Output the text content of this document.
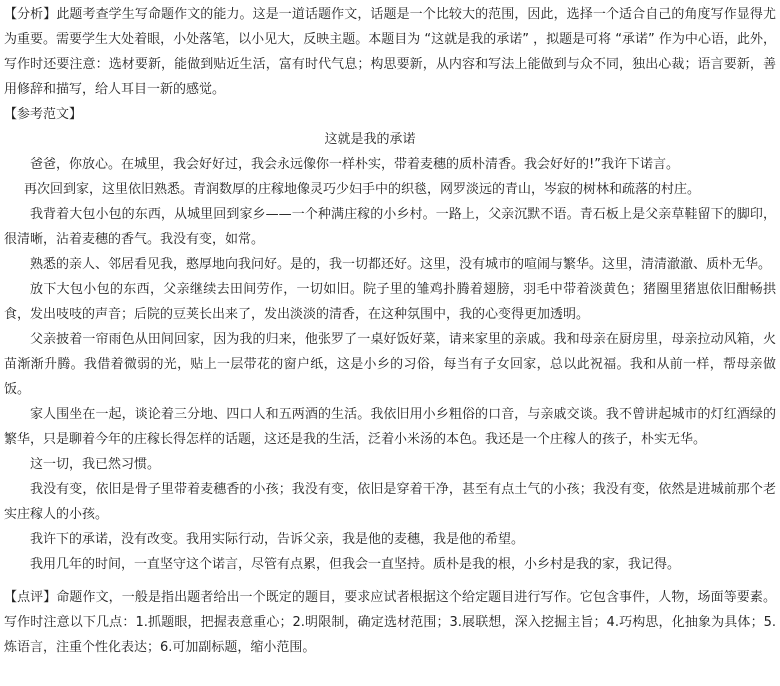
【分析】此题考查学生写命题作文的能力。这是一道话题作文，话题是一个比较大的范围，因此，选择一个适合自己的角度写作显得尤为重要。需要学生大处着眼，小处落笔，以小见大，反映主题。本题目为 “这就是我的承诺” ，拟题是可将 “承诺” 作为中心语，此外，写作时还要注意：选材要新，能做到贴近生活，富有时代气息；构思要新，从内容和写法上能做到与众不同，独出心裁；语言要新，善用修辞和描写，给人耳目一新的感觉。

【参考范文】

这就是我的承诺

爸爸，你放心。在城里，我会好好过，我会永远像你一样朴实，带着麦穗的质朴清香。我会好好的!”我许下诺言。

再次回到家，这里依旧熟悉。青润数厚的庄稼地像灵巧少妇手中的织毯，网罗淡远的青山，岑寂的树林和疏落的村庄。

我背着大包小包的东西，从城里回到家乡——一个种满庄稼的小乡村。一路上，父亲沉默不语。青石板上是父亲草鞋留下的脚印，很清晰，沾着麦穗的香气。我没有变，如常。

熟悉的亲人、邻居看见我，憨厚地向我问好。是的，我一切都还好。这里，没有城市的喧闹与繁华。这里，清清澈澈、质朴无华。

放下大包小包的东西，父亲继续去田间劳作，一切如旧。院子里的雏鸡扑腾着翅膀，羽毛中带着淡黄色；猪圈里猪崽依旧酣畅拱食，发出吱吱的声音；后院的豆荚长出来了，发出淡淡的清香，在这种氛围中，我的心变得更加透明。

父亲披着一帘雨色从田间回家，因为我的归来，他张罗了一桌好饭好菜，请来家里的亲戚。我和母亲在厨房里，母亲拉动风箱，火苗渐渐升腾。我借着微弱的光，贴上一层带花的窗户纸，这是小乡的习俗，每当有子女回家，总以此祝福。我和从前一样，帮母亲做饭。

家人围坐在一起，谈论着三分地、四口人和五两酒的生活。我依旧用小乡粗俗的口音，与亲戚交谈。我不曾讲起城市的灯红酒绿的繁华，只是聊着今年的庄稼长得怎样的话题，这还是我的生活，泛着小米汤的本色。我还是一个庄稼人的孩子，朴实无华。

这一切，我已然习惯。

我没有变，依旧是骨子里带着麦穗香的小孩；我没有变，依旧是穿着干净，甚至有点土气的小孩；我没有变，依然是进城前那个老实庄稼人的小孩。

我许下的承诺，没有改变。我用实际行动，告诉父亲，我是他的麦穗，我是他的希望。

我用几年的时间，一直坚守这个诺言，尽管有点累，但我会一直坚持。质朴是我的根，小乡村是我的家，我记得。

【点评】命题作文，一般是指出题者给出一个既定的题目，要求应试者根据这个给定题目进行写作。它包含事件，人物，场面等要素。写作时注意以下几点：1.抓题眼，把握表意重心；2.明限制，确定选材范围；3.展联想，深入挖掘主旨；4.巧构思，化抽象为具体；5.炼语言，注重个性化表达；6.可加副标题，缩小范围。
